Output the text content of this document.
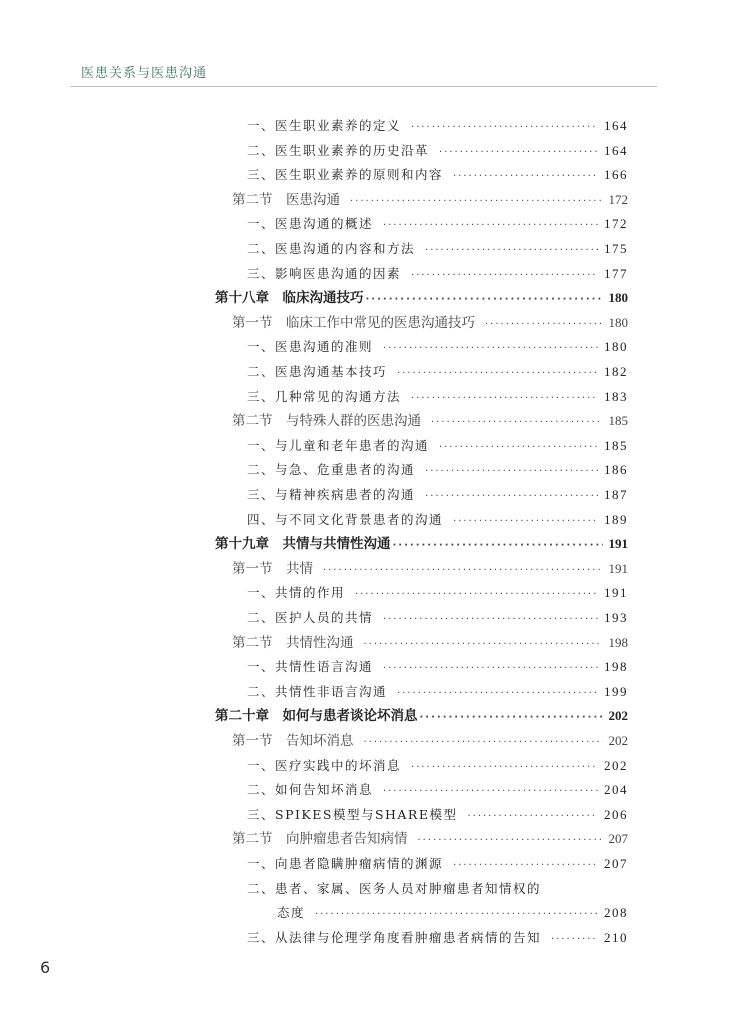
医患关系与医患沟通
一、医生职业素养的定义 ·····	164
二、医生职业素养的历史沿革 ·····	164
三、医生职业素养的原则和内容 ·····	166
第二节　医患沟通 ·····	172
一、医患沟通的概述 ·····	172
二、医患沟通的内容和方法 ·····	175
三、影响医患沟通的因素 ·····	177
第十八章　临床沟通技巧 ·····	180
第一节　临床工作中常见的医患沟通技巧 ·····	180
一、医患沟通的准则 ·····	180
二、医患沟通基本技巧 ·····	182
三、几种常见的沟通方法 ·····	183
第二节　与特殊人群的医患沟通 ·····	185
一、与儿童和老年患者的沟通 ·····	185
二、与急、危重患者的沟通 ·····	186
三、与精神疾病患者的沟通 ·····	187
四、与不同文化背景患者的沟通 ·····	189
第十九章　共情与共情性沟通 ·····	191
第一节　共情 ·····	191
一、共情的作用 ·····	191
二、医护人员的共情 ·····	193
第二节　共情性沟通 ·····	198
一、共情性语言沟通 ·····	198
二、共情性非语言沟通 ·····	199
第二十章　如何与患者谈论坏消息 ·····	202
第一节　告知坏消息 ·····	202
一、医疗实践中的坏消息 ·····	202
二、如何告知坏消息 ·····	204
三、SPIKES模型与SHARE模型 ·····	206
第二节　向肿瘤患者告知病情 ·····	207
一、向患者隐瞒肿瘤病情的渊源 ·····	207
二、患者、家属、医务人员对肿瘤患者知情权的
态度 ·····	208
三、从法律与伦理学角度看肿瘤患者病情的告知 ·····	210
6
